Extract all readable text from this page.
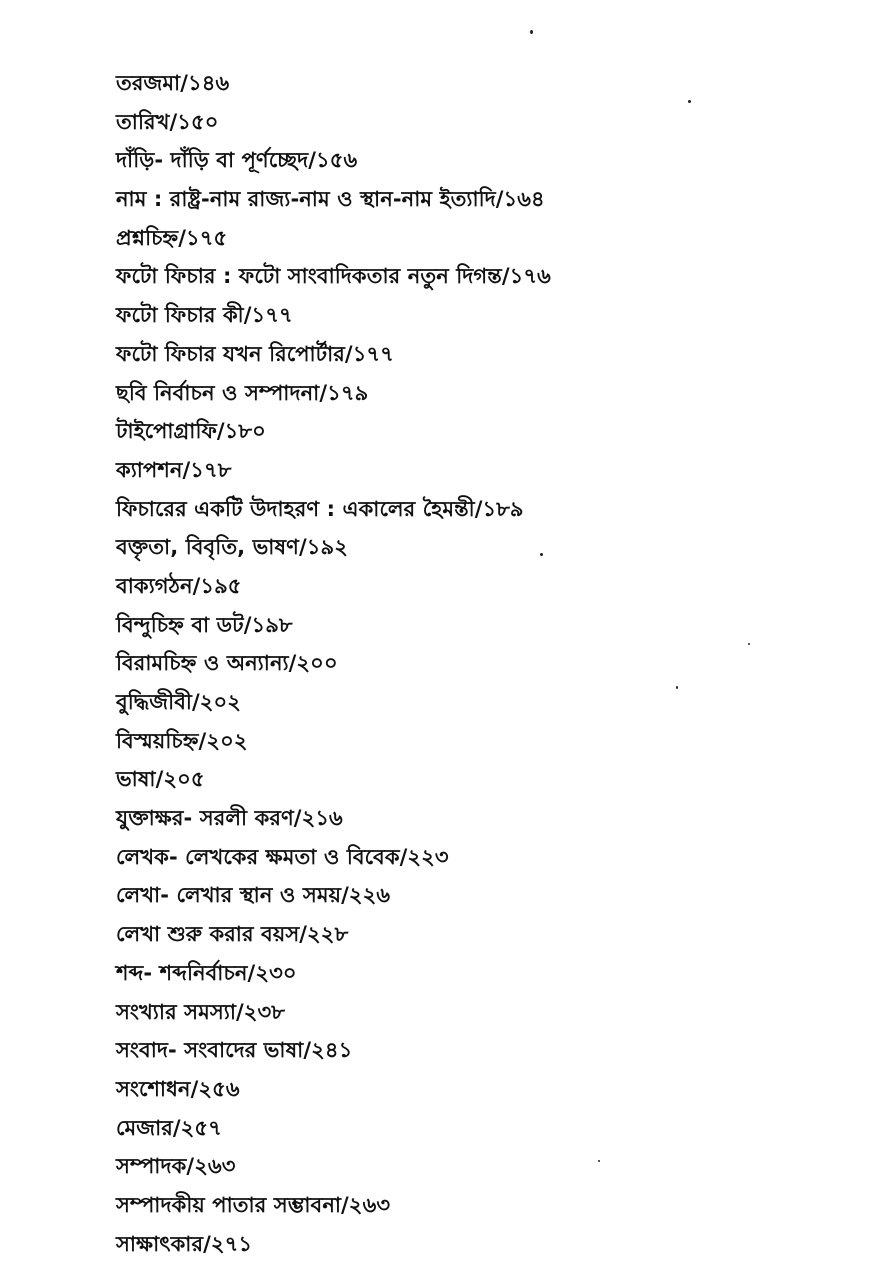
তরজমা/১৪৬
তারিখ/১৫০
দাঁড়ি- দাঁড়ি বা পূর্ণচ্ছেদ/১৫৬
নাম : রাষ্ট্র-নাম রাজ্য-নাম ও স্থান-নাম ইত্যাদি/১৬৪
প্রশ্নচিহ্ন/১৭৫
ফটো ফিচার : ফটো সাংবাদিকতার নতুন দিগন্ত/১৭৬
ফটো ফিচার কী/১৭৭
ফটো ফিচার যখন রিপোর্টার/১৭৭
ছবি নির্বাচন ও সম্পাদনা/১৭৯
টাইপোগ্রাফি/১৮০
ক্যাপশন/১৭৮
ফিচারের একটি উদাহরণ : একালের হৈমন্তী/১৮৯
বক্তৃতা, বিবৃতি, ভাষণ/১৯২
বাক্যগঠন/১৯৫
বিন্দুচিহ্ন বা ডট/১৯৮
বিরামচিহ্ন ও অন্যান্য/২০০
বুদ্ধিজীবী/২০২
বিস্ময়চিহ্ন/২০২
ভাষা/২০৫
যুক্তাক্ষর- সরলী করণ/২১৬
লেখক- লেখকের ক্ষমতা ও বিবেক/২২৩
লেখা- লেখার স্থান ও সময়/২২৬
লেখা শুরু করার বয়স/২২৮
শব্দ- শব্দনির্বাচন/২৩০
সংখ্যার সমস্যা/২৩৮
সংবাদ- সংবাদের ভাষা/২৪১
সংশোধন/২৫৬
মেজার/২৫৭
সম্পাদক/২৬৩
সম্পাদকীয় পাতার সম্ভাবনা/২৬৩
সাক্ষাৎকার/২৭১
